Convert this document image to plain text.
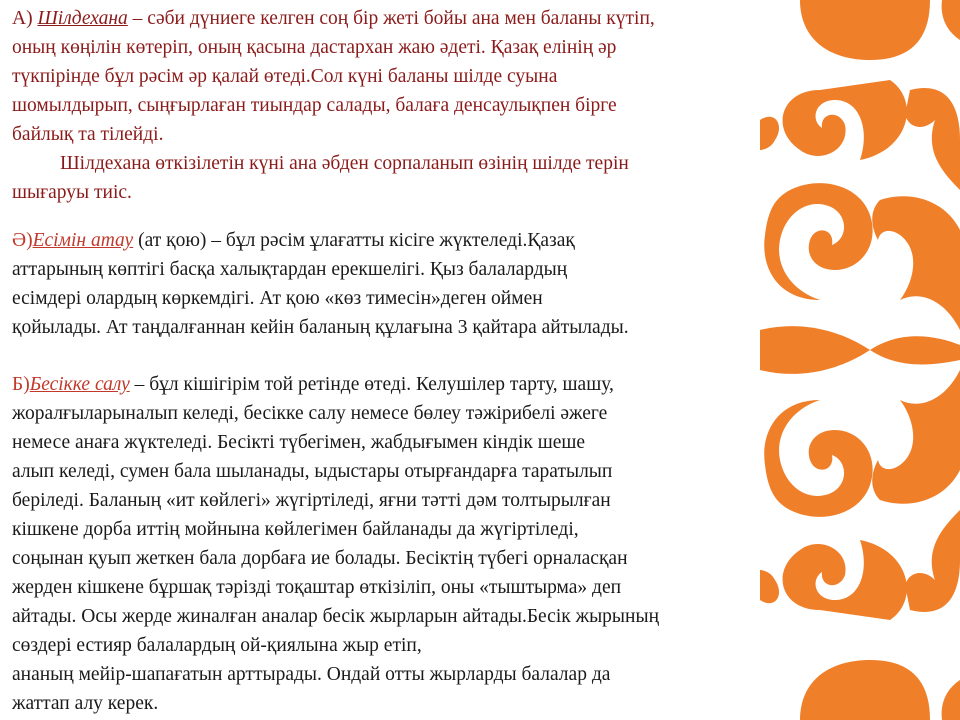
А) Шілдехана – сәби дүниеге келген соң бір жеті бойы ана мен баланы күтіп,

оның көңілін көтеріп, оның қасына дастархан жаю әдеті. Қазақ елінің әр

түкпірінде бұл рәсім әр қалай өтеді.Сол күні баланы шілде суына

шомылдырып, сыңғырлаған тиындар салады, балаға денсаулықпен бірге

байлық та тілейді.

Шілдехана өткізілетін күні ана әбден сорпаланып өзінің шілде терін

шығаруы тиіс.

Ә)Есімін атау (ат қою) – бұл рәсім ұлағатты кісіге жүктеледі.Қазақ

аттарының көптігі басқа халықтардан ерекшелігі. Қыз балалардың

есімдері олардың көркемдігі. Ат қою «көз тимесін»деген оймен

қойылады. Ат таңдалғаннан кейін баланың құлағына 3 қайтара айтылады.

Б)Бесікке салу – бұл кішігірім той ретінде өтеді. Келушілер тарту, шашу,

жоралғыларыналып келеді, бесікке салу немесе бөлеу тәжірибелі әжеге

немесе анаға жүктеледі. Бесікті түбегімен, жабдығымен кіндік шеше

алып келеді, сумен бала шыланады, ыдыстары отырғандарға таратылып

беріледі. Баланың «ит көйлегі» жүгіртіледі, яғни тәтті дәм толтырылған

кішкене дорба иттің мойнына көйлегімен байланады да жүгіртіледі,

соңынан қуып жеткен бала дорбаға ие болады. Бесіктің түбегі орналасқан

жерден кішкене бұршақ тәрізді тоқаштар өткізіліп, оны «тыштырма» деп

айтады. Осы жерде жиналған аналар бесік жырларын айтады.Бесік жырының

сөздері естияр балалардың ой-қиялына жыр етіп,

ананың мейір-шапағатын арттырады. Ондай отты жырларды балалар да

жаттап алу керек.
